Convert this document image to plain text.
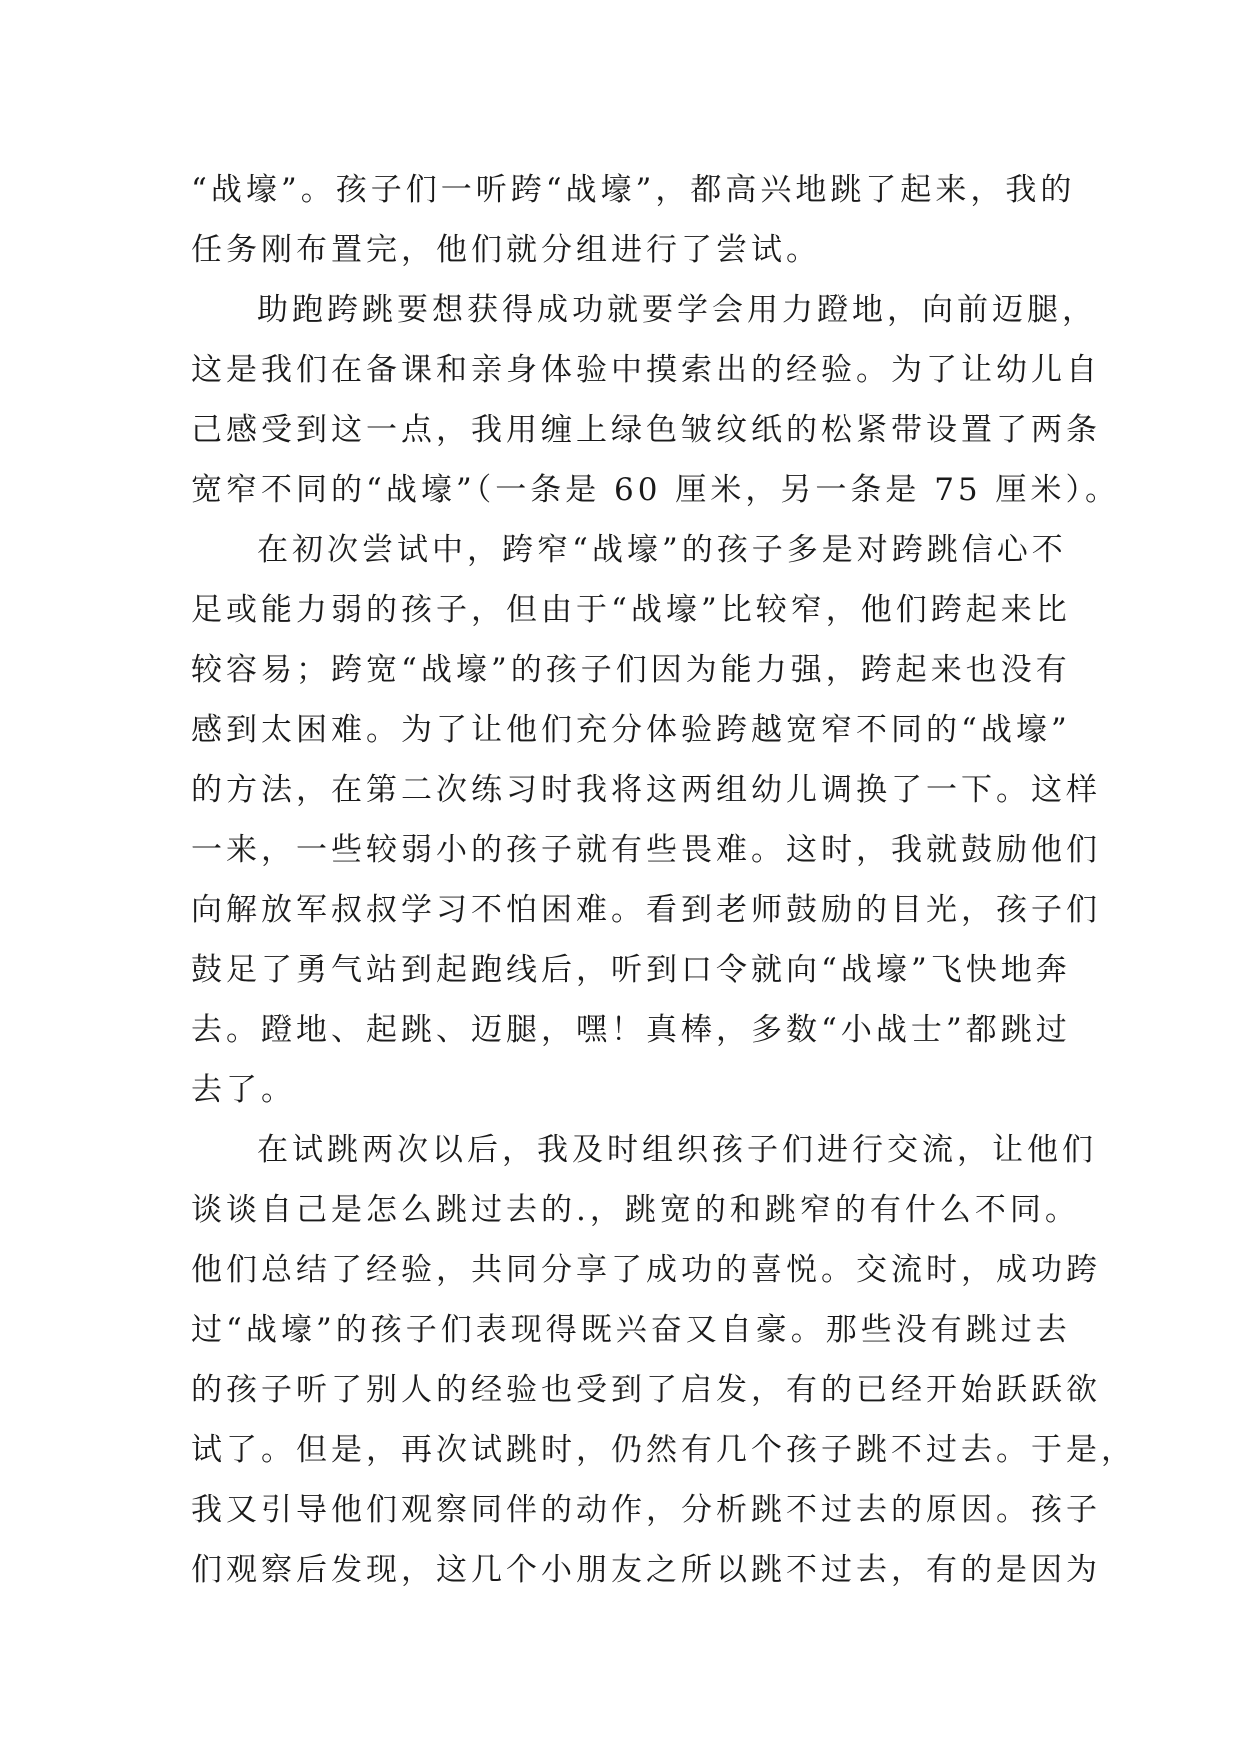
“战壕”。孩子们一听跨“战壕”，都高兴地跳了起来，我的
任务刚布置完，他们就分组进行了尝试。
助跑跨跳要想获得成功就要学会用力蹬地，向前迈腿，
这是我们在备课和亲身体验中摸索出的经验。为了让幼儿自
己感受到这一点，我用缠上绿色皱纹纸的松紧带设置了两条
宽窄不同的“战壕”（一条是 60 厘米，另一条是 75 厘米）。
在初次尝试中，跨窄“战壕”的孩子多是对跨跳信心不
足或能力弱的孩子，但由于“战壕”比较窄，他们跨起来比
较容易；跨宽“战壕”的孩子们因为能力强，跨起来也没有
感到太困难。为了让他们充分体验跨越宽窄不同的“战壕”
的方法，在第二次练习时我将这两组幼儿调换了一下。这样
一来，一些较弱小的孩子就有些畏难。这时，我就鼓励他们
向解放军叔叔学习不怕困难。看到老师鼓励的目光，孩子们
鼓足了勇气站到起跑线后，听到口令就向“战壕”飞快地奔
去。蹬地、起跳、迈腿，嘿！真棒，多数“小战士”都跳过
去了。
在试跳两次以后，我及时组织孩子们进行交流，让他们
谈谈自己是怎么跳过去的.，跳宽的和跳窄的有什么不同。
他们总结了经验，共同分享了成功的喜悦。交流时，成功跨
过“战壕”的孩子们表现得既兴奋又自豪。那些没有跳过去
的孩子听了别人的经验也受到了启发，有的已经开始跃跃欲
试了。但是，再次试跳时，仍然有几个孩子跳不过去。于是，
我又引导他们观察同伴的动作，分析跳不过去的原因。孩子
们观察后发现，这几个小朋友之所以跳不过去，有的是因为
